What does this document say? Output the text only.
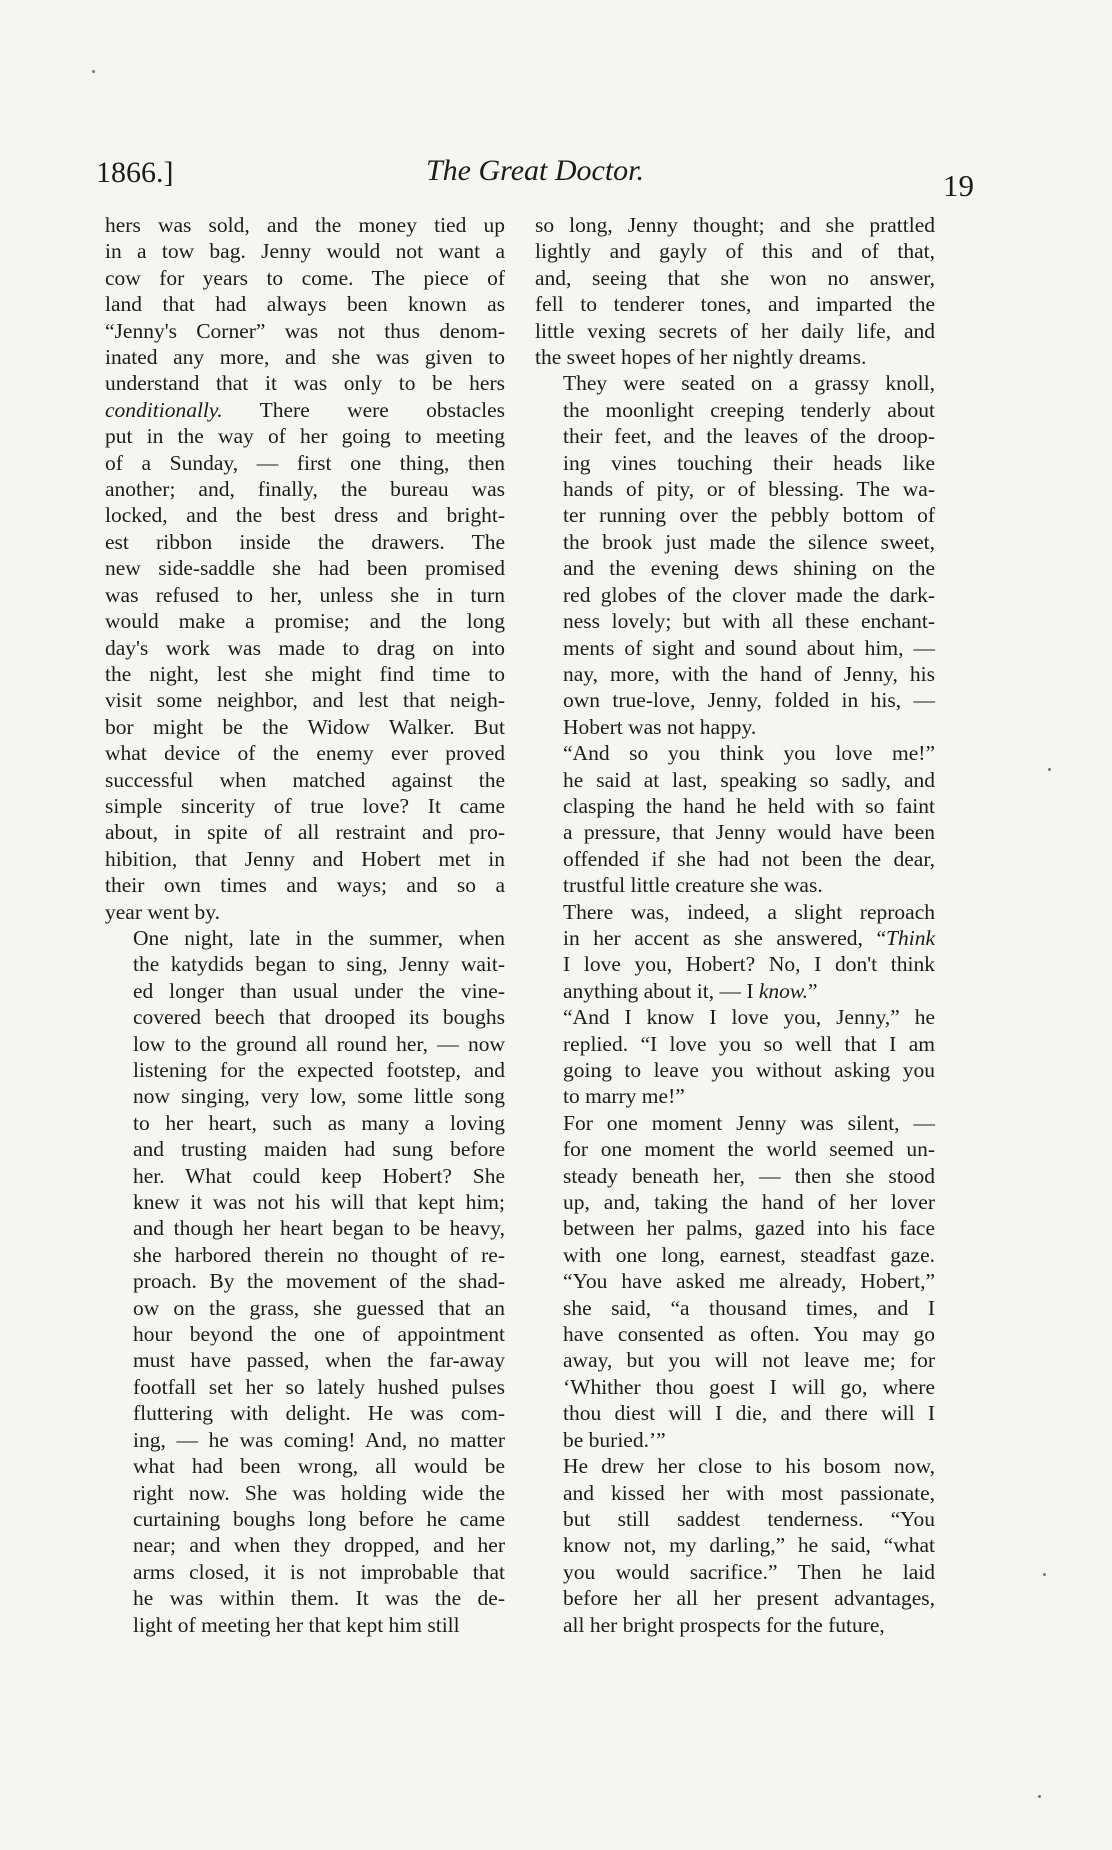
1866.]	The Great Doctor.	19

hers was sold, and the money tied up
in a tow bag. Jenny would not want a
cow for years to come. The piece of
land that had always been known as
“Jenny's Corner” was not thus denom-
inated any more, and she was given to
understand that it was only to be hers
conditionally. There were obstacles
put in the way of her going to meeting
of a Sunday, — first one thing, then
another; and, finally, the bureau was
locked, and the best dress and bright-
est ribbon inside the drawers. The
new side-saddle she had been promised
was refused to her, unless she in turn
would make a promise; and the long
day's work was made to drag on into
the night, lest she might find time to
visit some neighbor, and lest that neigh-
bor might be the Widow Walker. But
what device of the enemy ever proved
successful when matched against the
simple sincerity of true love? It came
about, in spite of all restraint and pro-
hibition, that Jenny and Hobert met in
their own times and ways; and so a
year went by.

One night, late in the summer, when
the katydids began to sing, Jenny wait-
ed longer than usual under the vine-
covered beech that drooped its boughs
low to the ground all round her, — now
listening for the expected footstep, and
now singing, very low, some little song
to her heart, such as many a loving
and trusting maiden had sung before
her. What could keep Hobert? She
knew it was not his will that kept him;
and though her heart began to be heavy,
she harbored therein no thought of re-
proach. By the movement of the shad-
ow on the grass, she guessed that an
hour beyond the one of appointment
must have passed, when the far-away
footfall set her so lately hushed pulses
fluttering with delight. He was com-
ing, — he was coming! And, no matter
what had been wrong, all would be
right now. She was holding wide the
curtaining boughs long before he came
near; and when they dropped, and her
arms closed, it is not improbable that
he was within them. It was the de-
light of meeting her that kept him still

so long, Jenny thought; and she prattled
lightly and gayly of this and of that,
and, seeing that she won no answer,
fell to tenderer tones, and imparted the
little vexing secrets of her daily life, and
the sweet hopes of her nightly dreams.

They were seated on a grassy knoll,
the moonlight creeping tenderly about
their feet, and the leaves of the droop-
ing vines touching their heads like
hands of pity, or of blessing. The wa-
ter running over the pebbly bottom of
the brook just made the silence sweet,
and the evening dews shining on the
red globes of the clover made the dark-
ness lovely; but with all these enchant-
ments of sight and sound about him, —
nay, more, with the hand of Jenny, his
own true-love, Jenny, folded in his, —
Hobert was not happy.

“And so you think you love me!”
he said at last, speaking so sadly, and
clasping the hand he held with so faint
a pressure, that Jenny would have been
offended if she had not been the dear,
trustful little creature she was.

There was, indeed, a slight reproach
in her accent as she answered, “Think
I love you, Hobert? No, I don't think
anything about it, — I know.”

“And I know I love you, Jenny,” he
replied. “I love you so well that I am
going to leave you without asking you
to marry me!”

For one moment Jenny was silent, —
for one moment the world seemed un-
steady beneath her, — then she stood
up, and, taking the hand of her lover
between her palms, gazed into his face
with one long, earnest, steadfast gaze.
“You have asked me already, Hobert,”
she said, “a thousand times, and I
have consented as often. You may go
away, but you will not leave me; for
‘Whither thou goest I will go, where
thou diest will I die, and there will I
be buried.’”

He drew her close to his bosom now,
and kissed her with most passionate,
but still saddest tenderness. “You
know not, my darling,” he said, “what
you would sacrifice.” Then he laid
before her all her present advantages,
all her bright prospects for the future,
